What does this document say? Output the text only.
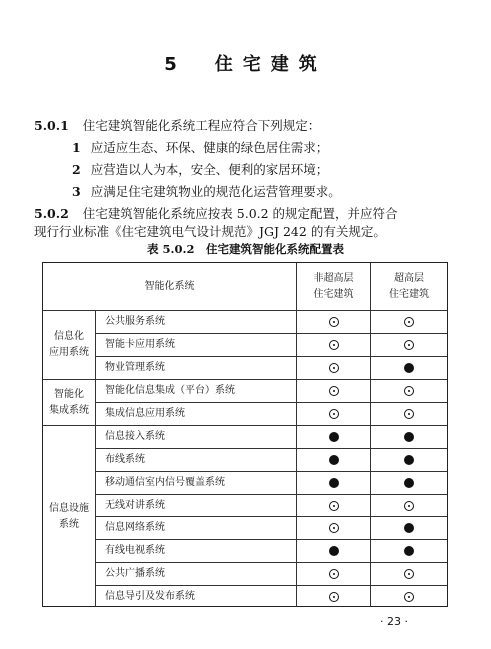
5　住宅建筑
5.0.1 住宅建筑智能化系统工程应符合下列规定：
1 应适应生态、环保、健康的绿色居住需求；
2 应营造以人为本，安全、便利的家居环境；
3 应满足住宅建筑物业的规范化运营管理要求。
5.0.2 住宅建筑智能化系统应按表 5.0.2 的规定配置，并应符合
现行行业标准《住宅建筑电气设计规范》JGJ 242 的有关规定。
表 5.0.2　住宅建筑智能化系统配置表
智能化系统
非超高层
住宅建筑
超高层
住宅建筑
信息化
应用系统
智能化
集成系统
信息设施
系统
公共服务系统
智能卡应用系统
物业管理系统
智能化信息集成（平台）系统
集成信息应用系统
信息接入系统
布线系统
移动通信室内信号覆盖系统
无线对讲系统
信息网络系统
有线电视系统
公共广播系统
信息导引及发布系统
· 23 ·
